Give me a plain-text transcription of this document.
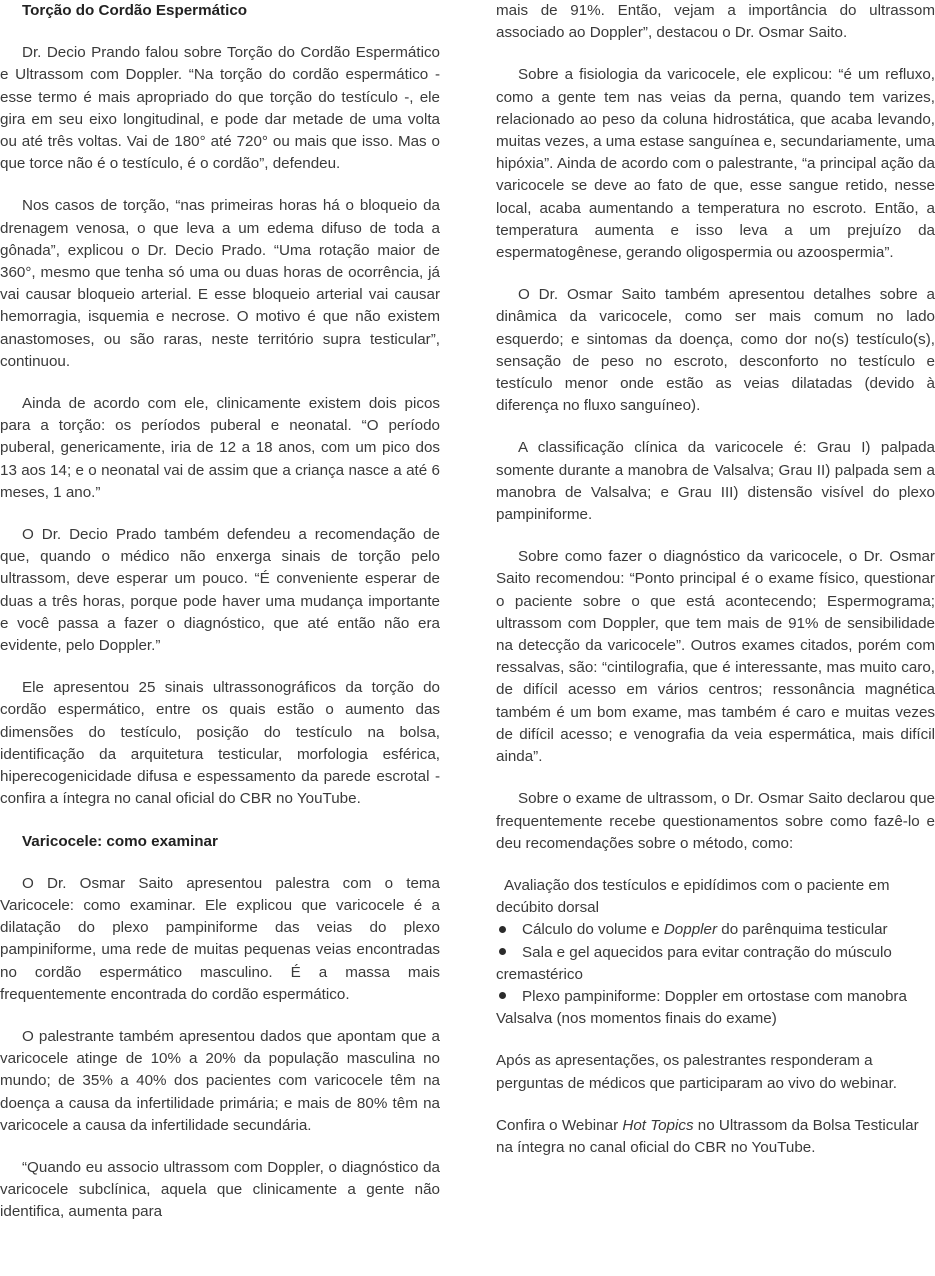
Torção do Cordão Espermático

Dr. Decio Prando falou sobre Torção do Cordão Espermático e Ultrassom com Doppler. “Na torção do cordão espermático - esse termo é mais apropriado do que torção do testículo -, ele gira em seu eixo longitudinal, e pode dar metade de uma volta ou até três voltas. Vai de 180° até 720° ou mais que isso. Mas o que torce não é o testículo, é o cordão”, defendeu.

Nos casos de torção, “nas primeiras horas há o bloqueio da drenagem venosa, o que leva a um edema difuso de toda a gônada”, explicou o Dr. Decio Prado. “Uma rotação maior de 360°, mesmo que tenha só uma ou duas horas de ocorrência, já vai causar bloqueio arterial. E esse bloqueio arterial vai causar hemorragia, isquemia e necrose. O motivo é que não existem anastomoses, ou são raras, neste território supra testicular”, continuou.

Ainda de acordo com ele, clinicamente existem dois picos para a torção: os períodos puberal e neonatal. “O período puberal, genericamente, iria de 12 a 18 anos, com um pico dos 13 aos 14; e o neonatal vai de assim que a criança nasce a até 6 meses, 1 ano.”

O Dr. Decio Prado também defendeu a recomendação de que, quando o médico não enxerga sinais de torção pelo ultrassom, deve esperar um pouco. “É conveniente esperar de duas a três horas, porque pode haver uma mudança importante e você passa a fazer o diagnóstico, que até então não era evidente, pelo Doppler.”

Ele apresentou 25 sinais ultrassonográficos da torção do cordão espermático, entre os quais estão o aumento das dimensões do testículo, posição do testículo na bolsa, identificação da arquitetura testicular, morfologia esférica, hiperecogenicidade difusa e espessamento da parede escrotal - confira a íntegra no canal oficial do CBR no YouTube.

Varicocele: como examinar

O Dr. Osmar Saito apresentou palestra com o tema Varicocele: como examinar. Ele explicou que varicocele é a dilatação do plexo pampiniforme das veias do plexo pampiniforme, uma rede de muitas pequenas veias encontradas no cordão espermático masculino. É a massa mais frequentemente encontrada do cordão espermático.

O palestrante também apresentou dados que apontam que a varicocele atinge de 10% a 20% da população masculina no mundo; de 35% a 40% dos pacientes com varicocele têm na doença a causa da infertilidade primária; e mais de 80% têm na varicocele a causa da infertilidade secundária.

“Quando eu associo ultrassom com Doppler, o diagnóstico da varicocele subclínica, aquela que clinicamente a gente não identifica, aumenta para

mais de 91%. Então, vejam a importância do ultrassom associado ao Doppler”, destacou o Dr. Osmar Saito.

Sobre a fisiologia da varicocele, ele explicou: “é um refluxo, como a gente tem nas veias da perna, quando tem varizes, relacionado ao peso da coluna hidrostática, que acaba levando, muitas vezes, a uma estase sanguínea e, secundariamente, uma hipóxia”. Ainda de acordo com o palestrante, “a principal ação da varicocele se deve ao fato de que, esse sangue retido, nesse local, acaba aumentando a temperatura no escroto. Então, a temperatura aumenta e isso leva a um prejuízo da espermatogênese, gerando oligospermia ou azoospermia”.

O Dr. Osmar Saito também apresentou detalhes sobre a dinâmica da varicocele, como ser mais comum no lado esquerdo; e sintomas da doença, como dor no(s) testículo(s), sensação de peso no escroto, desconforto no testículo e testículo menor onde estão as veias dilatadas (devido à diferença no fluxo sanguíneo).

A classificação clínica da varicocele é: Grau I) palpada somente durante a manobra de Valsalva; Grau II) palpada sem a manobra de Valsalva; e Grau III) distensão visível do plexo pampiniforme.

Sobre como fazer o diagnóstico da varicocele, o Dr. Osmar Saito recomendou: “Ponto principal é o exame físico, questionar o paciente sobre o que está acontecendo; Espermograma; ultrassom com Doppler, que tem mais de 91% de sensibilidade na detecção da varicocele”. Outros exames citados, porém com ressalvas, são: “cintilografia, que é interessante, mas muito caro, de difícil acesso em vários centros; ressonância magnética também é um bom exame, mas também é caro e muitas vezes de difícil acesso; e venografia da veia espermática, mais difícil ainda”.

Sobre o exame de ultrassom, o Dr. Osmar Saito declarou que frequentemente recebe questionamentos sobre como fazê-lo e deu recomendações sobre o método, como:

Avaliação dos testículos e epidídimos com o paciente em decúbito dorsal
Cálculo do volume e Doppler do parênquima testicular
Sala e gel aquecidos para evitar contração do músculo cremastérico
Plexo pampiniforme: Doppler em ortostase com manobra Valsalva (nos momentos finais do exame)

Após as apresentações, os palestrantes responderam a perguntas de médicos que participaram ao vivo do webinar.

Confira o Webinar Hot Topics no Ultrassom da Bolsa Testicular na íntegra no canal oficial do CBR no YouTube.
